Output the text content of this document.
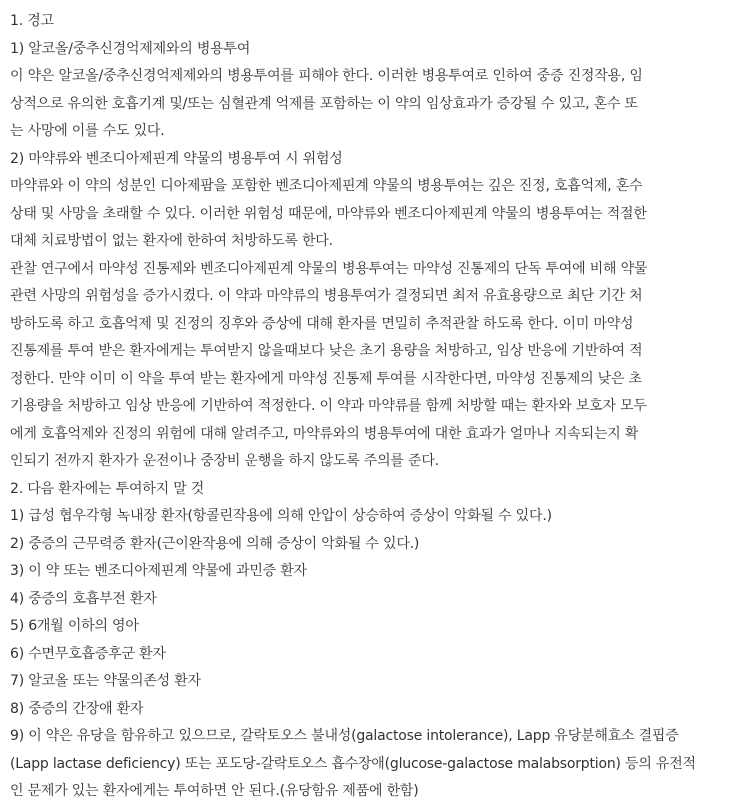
1. 경고
1) 알코올/중추신경억제제와의 병용투여
이 약은 알코올/중추신경억제제와의 병용투여를 피해야 한다. 이러한 병용투여로 인하여 중증 진정작용, 임
상적으로 유의한 호흡기계 및/또는 심혈관계 억제를 포함하는 이 약의 임상효과가 증강될 수 있고, 혼수 또
는 사망에 이를 수도 있다.
2) 마약류와 벤조디아제핀계 약물의 병용투여 시 위험성
마약류와 이 약의 성분인 디아제팜을 포함한 벤조디아제핀계 약물의 병용투여는 깊은 진정, 호흡억제, 혼수
상태 및 사망을 초래할 수 있다. 이러한 위험성 때문에, 마약류와 벤조디아제핀계 약물의 병용투여는 적절한
대체 치료방법이 없는 환자에 한하여 처방하도록 한다.
관찰 연구에서 마약성 진통제와 벤조디아제핀계 약물의 병용투여는 마약성 진통제의 단독 투여에 비해 약물
관련 사망의 위험성을 증가시켰다. 이 약과 마약류의 병용투여가 결정되면 최저 유효용량으로 최단 기간 처
방하도록 하고 호흡억제 및 진정의 징후와 증상에 대해 환자를 면밀히 추적관찰 하도록 한다. 이미 마약성
진통제를 투여 받은 환자에게는 투여받지 않을때보다 낮은 초기 용량을 처방하고, 임상 반응에 기반하여 적
정한다. 만약 이미 이 약을 투여 받는 환자에게 마약성 진통제 투여를 시작한다면, 마약성 진통제의 낮은 초
기용량을 처방하고 임상 반응에 기반하여 적정한다. 이 약과 마약류를 함께 처방할 때는 환자와 보호자 모두
에게 호흡억제와 진정의 위험에 대해 알려주고, 마약류와의 병용투여에 대한 효과가 얼마나 지속되는지 확
인되기 전까지 환자가 운전이나 중장비 운행을 하지 않도록 주의를 준다.
2. 다음 환자에는 투여하지 말 것
1) 급성 협우각형 녹내장 환자(항콜린작용에 의해 안압이 상승하여 증상이 악화될 수 있다.)
2) 중증의 근무력증 환자(근이완작용에 의해 증상이 악화될 수 있다.)
3) 이 약 또는 벤조디아제핀계 약물에 과민증 환자
4) 중증의 호흡부전 환자
5) 6개월 이하의 영아
6) 수면무호흡증후군 환자
7) 알코올 또는 약물의존성 환자
8) 중증의 간장애 환자
9) 이 약은 유당을 함유하고 있으므로, 갈락토오스 불내성(galactose intolerance), Lapp 유당분해효소 결핍증
(Lapp lactase deficiency) 또는 포도당-갈락토오스 흡수장애(glucose-galactose malabsorption) 등의 유전적
인 문제가 있는 환자에게는 투여하면 안 된다.(유당함유 제품에 한함)
